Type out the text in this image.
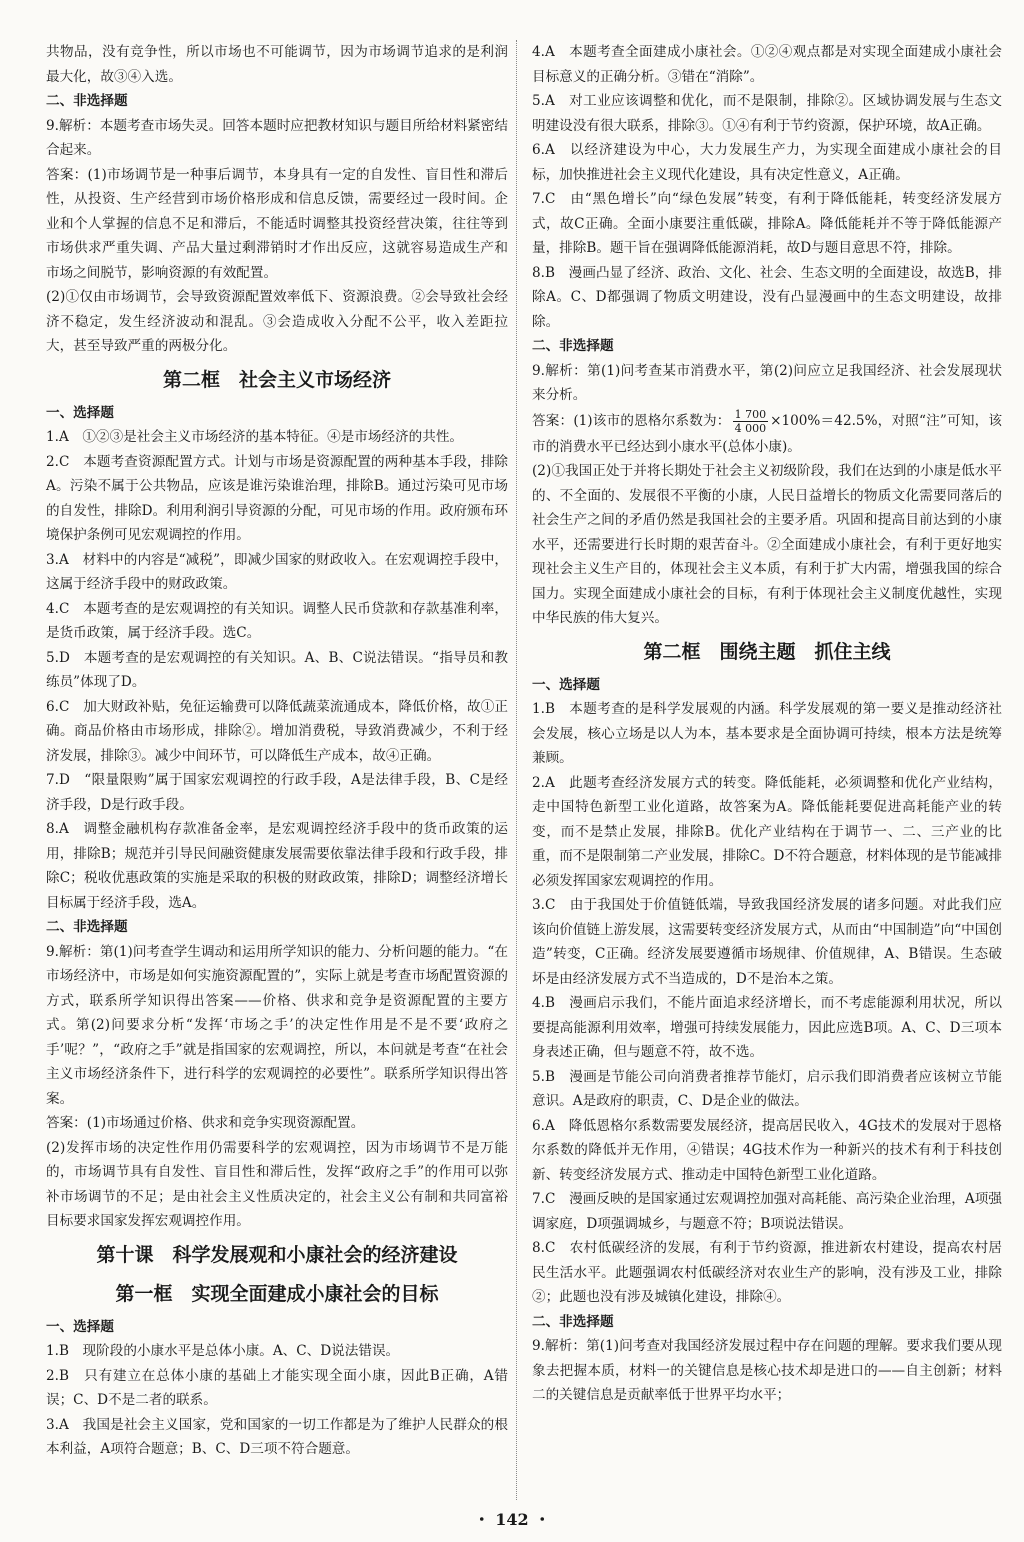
共物品，没有竞争性，所以市场也不可能调节，因为市场调节追求的是利润最大化，故③④入选。

二、非选择题

9.解析：本题考查市场失灵。回答本题时应把教材知识与题目所给材料紧密结合起来。

答案：(1)市场调节是一种事后调节，本身具有一定的自发性、盲目性和滞后性，从投资、生产经营到市场价格形成和信息反馈，需要经过一段时间。企业和个人掌握的信息不足和滞后，不能适时调整其投资经营决策，往往等到市场供求严重失调、产品大量过剩滞销时才作出反应，这就容易造成生产和市场之间脱节，影响资源的有效配置。

(2)①仅由市场调节，会导致资源配置效率低下、资源浪费。②会导致社会经济不稳定，发生经济波动和混乱。③会造成收入分配不公平，收入差距拉大，甚至导致严重的两极分化。

第二框　社会主义市场经济

一、选择题

1.A　①②③是社会主义市场经济的基本特征。④是市场经济的共性。

2.C　本题考查资源配置方式。计划与市场是资源配置的两种基本手段，排除A。污染不属于公共物品，应该是谁污染谁治理，排除B。通过污染可见市场的自发性，排除D。利用利润引导资源的分配，可见市场的作用。政府颁布环境保护条例可见宏观调控的作用。

3.A　材料中的内容是“减税”，即减少国家的财政收入。在宏观调控手段中，这属于经济手段中的财政政策。

4.C　本题考查的是宏观调控的有关知识。调整人民币贷款和存款基准利率，是货币政策，属于经济手段。选C。

5.D　本题考查的是宏观调控的有关知识。A、B、C说法错误。“指导员和教练员”体现了D。

6.C　加大财政补贴，免征运输费可以降低蔬菜流通成本，降低价格，故①正确。商品价格由市场形成，排除②。增加消费税，导致消费减少，不利于经济发展，排除③。减少中间环节，可以降低生产成本，故④正确。

7.D　“限量限购”属于国家宏观调控的行政手段，A是法律手段，B、C是经济手段，D是行政手段。

8.A　调整金融机构存款准备金率，是宏观调控经济手段中的货币政策的运用，排除B；规范并引导民间融资健康发展需要依靠法律手段和行政手段，排除C；税收优惠政策的实施是采取的积极的财政政策，排除D；调整经济增长目标属于经济手段，选A。

二、非选择题

9.解析：第(1)问考查学生调动和运用所学知识的能力、分析问题的能力。“在市场经济中，市场是如何实施资源配置的”，实际上就是考查市场配置资源的方式，联系所学知识得出答案——价格、供求和竞争是资源配置的主要方式。第(2)问要求分析“发挥‘市场之手’的决定性作用是不是不要‘政府之手’呢？”，“政府之手”就是指国家的宏观调控，所以，本问就是考查“在社会主义市场经济条件下，进行科学的宏观调控的必要性”。联系所学知识得出答案。

答案：(1)市场通过价格、供求和竞争实现资源配置。

(2)发挥市场的决定性作用仍需要科学的宏观调控，因为市场调节不是万能的，市场调节具有自发性、盲目性和滞后性，发挥“政府之手”的作用可以弥补市场调节的不足；是由社会主义性质决定的，社会主义公有制和共同富裕目标要求国家发挥宏观调控作用。

第十课　科学发展观和小康社会的经济建设
第一框　实现全面建成小康社会的目标

一、选择题

1.B　现阶段的小康水平是总体小康。A、C、D说法错误。

2.B　只有建立在总体小康的基础上才能实现全面小康，因此B正确，A错误；C、D不是二者的联系。

3.A　我国是社会主义国家，党和国家的一切工作都是为了维护人民群众的根本利益，A项符合题意；B、C、D三项不符合题意。

4.A　本题考查全面建成小康社会。①②④观点都是对实现全面建成小康社会目标意义的正确分析。③错在“消除”。

5.A　对工业应该调整和优化，而不是限制，排除②。区域协调发展与生态文明建设没有很大联系，排除③。①④有利于节约资源，保护环境，故A正确。

6.A　以经济建设为中心，大力发展生产力，为实现全面建成小康社会的目标，加快推进社会主义现代化建设，具有决定性意义，A正确。

7.C　由“黑色增长”向“绿色发展”转变，有利于降低能耗，转变经济发展方式，故C正确。全面小康要注重低碳，排除A。降低能耗并不等于降低能源产量，排除B。题干旨在强调降低能源消耗，故D与题目意思不符，排除。

8.B　漫画凸显了经济、政治、文化、社会、生态文明的全面建设，故选B，排除A。C、D都强调了物质文明建设，没有凸显漫画中的生态文明建设，故排除。

二、非选择题

9.解析：第(1)问考查某市消费水平，第(2)问应立足我国经济、社会发展现状来分析。

答案：(1)该市的恩格尔系数为： $\frac{1 700}{4 000} \times 100\%=42.5\%$，对照“注”可知，该市的消费水平已经达到小康水平(总体小康)。

(2)①我国正处于并将长期处于社会主义初级阶段，我们在达到的小康是低水平的、不全面的、发展很不平衡的小康，人民日益增长的物质文化需要同落后的社会生产之间的矛盾仍然是我国社会的主要矛盾。巩固和提高目前达到的小康水平，还需要进行长时期的艰苦奋斗。②全面建成小康社会，有利于更好地实现社会主义生产目的，体现社会主义本质，有利于扩大内需，增强我国的综合国力。实现全面建成小康社会的目标，有利于体现社会主义制度优越性，实现中华民族的伟大复兴。

第二框　围绕主题　抓住主线

一、选择题

1.B　本题考查的是科学发展观的内涵。科学发展观的第一要义是推动经济社会发展，核心立场是以人为本，基本要求是全面协调可持续，根本方法是统筹兼顾。

2.A　此题考查经济发展方式的转变。降低能耗，必须调整和优化产业结构，走中国特色新型工业化道路，故答案为A。降低能耗要促进高耗能产业的转变，而不是禁止发展，排除B。优化产业结构在于调节一、二、三产业的比重，而不是限制第二产业发展，排除C。D不符合题意，材料体现的是节能减排必须发挥国家宏观调控的作用。

3.C　由于我国处于价值链低端，导致我国经济发展的诸多问题。对此我们应该向价值链上游发展，这需要转变经济发展方式，从而由“中国制造”向“中国创造”转变，C正确。经济发展要遵循市场规律、价值规律，A、B错误。生态破坏是由经济发展方式不当造成的，D不是治本之策。

4.B　漫画启示我们，不能片面追求经济增长，而不考虑能源利用状况，所以要提高能源利用效率，增强可持续发展能力，因此应选B项。A、C、D三项本身表述正确，但与题意不符，故不选。

5.B　漫画是节能公司向消费者推荐节能灯，启示我们即消费者应该树立节能意识。A是政府的职责，C、D是企业的做法。

6.A　降低恩格尔系数需要发展经济，提高居民收入，4G技术的发展对于恩格尔系数的降低并无作用，④错误；4G技术作为一种新兴的技术有利于科技创新、转变经济发展方式、推动走中国特色新型工业化道路。

7.C　漫画反映的是国家通过宏观调控加强对高耗能、高污染企业治理，A项强调家庭，D项强调城乡，与题意不符；B项说法错误。

8.C　农村低碳经济的发展，有利于节约资源，推进新农村建设，提高农村居民生活水平。此题强调农村低碳经济对农业生产的影响，没有涉及工业，排除②；此题也没有涉及城镇化建设，排除④。

二、非选择题

9.解析：第(1)问考查对我国经济发展过程中存在问题的理解。要求我们要从现象去把握本质，材料一的关键信息是核心技术却是进口的——自主创新；材料二的关键信息是贡献率低于世界平均水平；

・ 142 ・
